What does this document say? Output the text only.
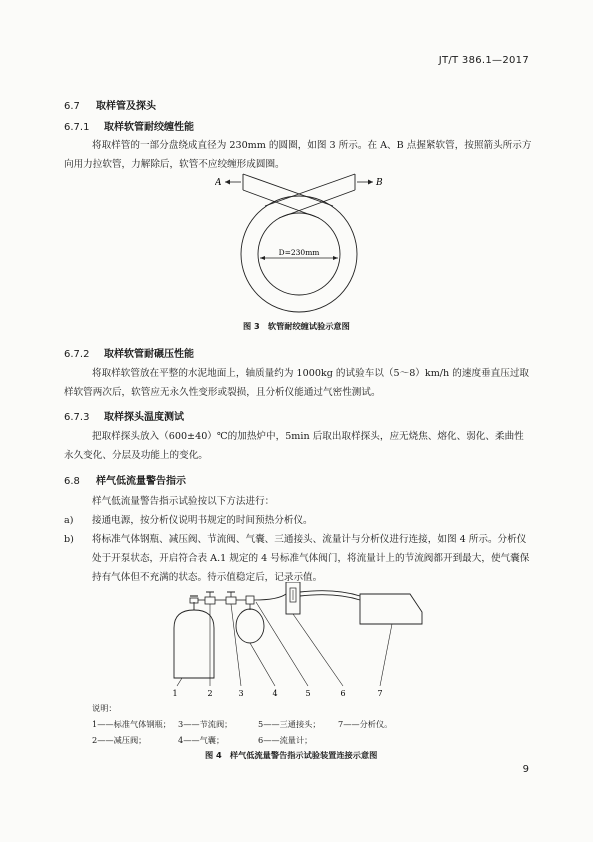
JT/T 386.1—2017
6.7 取样管及探头
6.7.1 取样软管耐绞缠性能
将取样管的一部分盘绕成直径为 230mm 的圆圈，如图 3 所示。在 A、B 点握紧软管，按照箭头所示方向用力拉软管，力解除后，软管不应绞缠形成圆圈。
A	B
D=230mm
图 3　软管耐绞缠试验示意图
6.7.2 取样软管耐碾压性能
将取样软管放在平整的水泥地面上，轴质量约为 1000kg 的试验车以（5～8）km/h 的速度垂直压过取样软管两次后，软管应无永久性变形或裂损，且分析仪能通过气密性测试。
6.7.3 取样探头温度测试
把取样探头放入（600±40）℃的加热炉中，5min 后取出取样探头，应无烧焦、熔化、弱化、柔曲性永久变化、分层及功能上的变化。
6.8 样气低流量警告指示
样气低流量警告指示试验按以下方法进行：
a)	接通电源，按分析仪说明书规定的时间预热分析仪。
b)	将标准气体钢瓶、减压阀、节流阀、气囊、三通接头、流量计与分析仪进行连接，如图 4 所示。分析仪处于开泵状态，开启符合表 A.1 规定的 4 号标准气体阀门，将流量计上的节流阀都开到最大，使气囊保持有气体但不充满的状态。待示值稳定后，记录示值。
1	2	3	4	5	6	7
说明：
1——标准气体钢瓶； 3——节流阀；	5——三通接头；	7——分析仪。
2——减压阀；	4——气囊；	6——流量计；
图 4　样气低流量警告指示试验装置连接示意图
9
